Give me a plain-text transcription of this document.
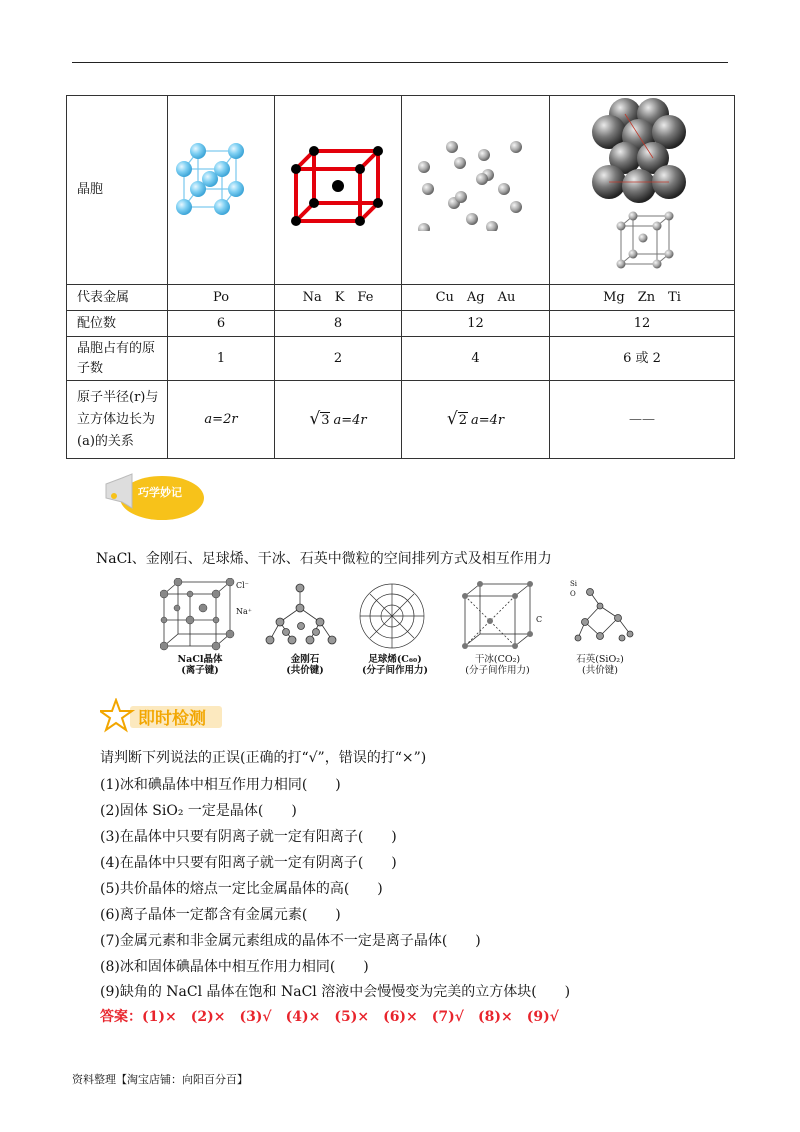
晶胞				
代表金属	Po	Na　K　Fe	Cu　Ag　Au	Mg　Zn　Ti
配位数	6	8	12	12
晶胞占有的原子数	1	2	4	6 或 2
原子半径(r)与立方体边长为(a)的关系	a=2r	√3 a=4r	√2 a=4r	——
巧学妙记
NaCl、金刚石、足球烯、干冰、石英中微粒的空间排列方式及相互作用力
Cl⁻
Na⁺
C
Si
O
NaCl晶体
(离子键)
金刚石
(共价键)
足球烯(C₆₀)
(分子间作用力)
干冰(CO₂)
(分子间作用力)
石英(SiO₂)
(共价键)
即时检测
请判断下列说法的正误(正确的打“√”，错误的打“×”)
(1)冰和碘晶体中相互作用力相同(　　)
(2)固体 SiO₂ 一定是晶体(　　)
(3)在晶体中只要有阴离子就一定有阳离子(　　)
(4)在晶体中只要有阳离子就一定有阴离子(　　)
(5)共价晶体的熔点一定比金属晶体的高(　　)
(6)离子晶体一定都含有金属元素(　　)
(7)金属元素和非金属元素组成的晶体不一定是离子晶体(　　)
(8)冰和固体碘晶体中相互作用力相同(　　)
(9)缺角的 NaCl 晶体在饱和 NaCl 溶液中会慢慢变为完美的立方体块(　　)
答案：(1)×　(2)×　(3)√　(4)×　(5)×　(6)×　(7)√　(8)×　(9)√
资料整理【淘宝店铺：向阳百分百】
